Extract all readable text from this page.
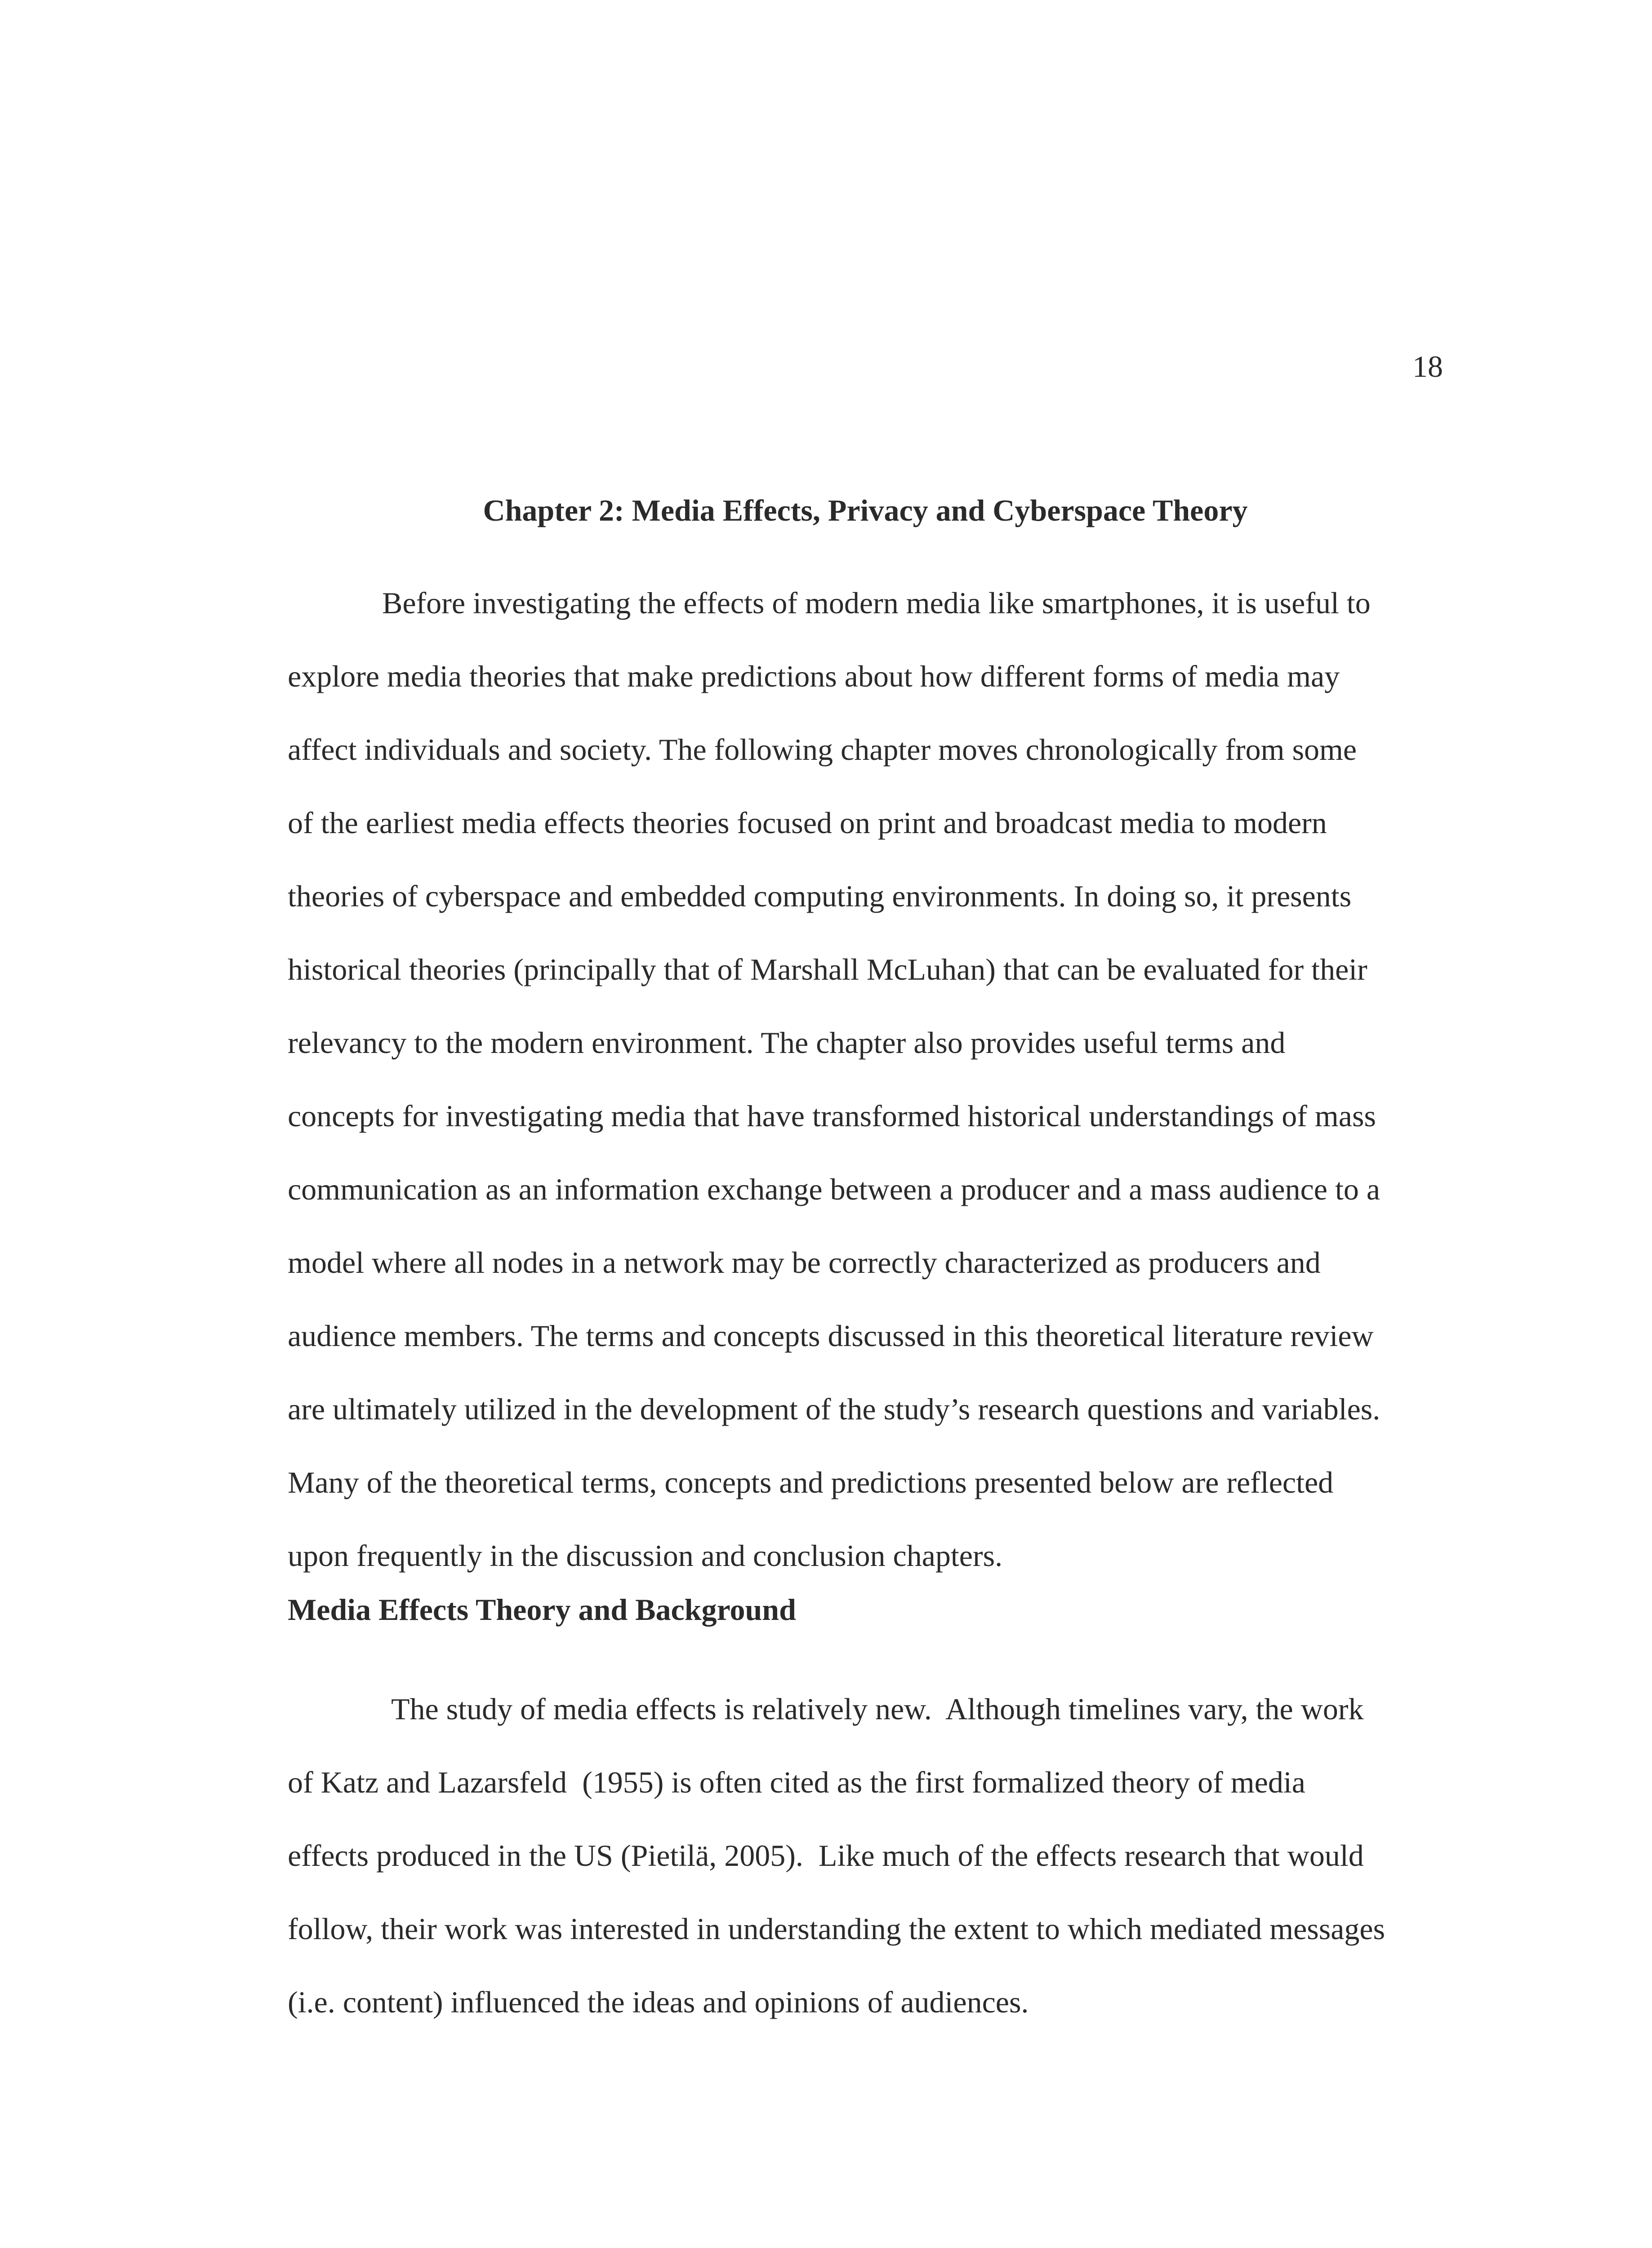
18
Chapter 2: Media Effects, Privacy and Cyberspace Theory
Before investigating the effects of modern media like smartphones, it is useful to
explore media theories that make predictions about how different forms of media may
affect individuals and society. The following chapter moves chronologically from some
of the earliest media effects theories focused on print and broadcast media to modern
theories of cyberspace and embedded computing environments. In doing so, it presents
historical theories (principally that of Marshall McLuhan) that can be evaluated for their
relevancy to the modern environment. The chapter also provides useful terms and
concepts for investigating media that have transformed historical understandings of mass
communication as an information exchange between a producer and a mass audience to a
model where all nodes in a network may be correctly characterized as producers and
audience members. The terms and concepts discussed in this theoretical literature review
are ultimately utilized in the development of the study’s research questions and variables.
Many of the theoretical terms, concepts and predictions presented below are reflected
upon frequently in the discussion and conclusion chapters.
Media Effects Theory and Background
The study of media effects is relatively new.  Although timelines vary, the work
of Katz and Lazarsfeld  (1955) is often cited as the first formalized theory of media
effects produced in the US (Pietilä, 2005).  Like much of the effects research that would
follow, their work was interested in understanding the extent to which mediated messages
(i.e. content) influenced the ideas and opinions of audiences.
